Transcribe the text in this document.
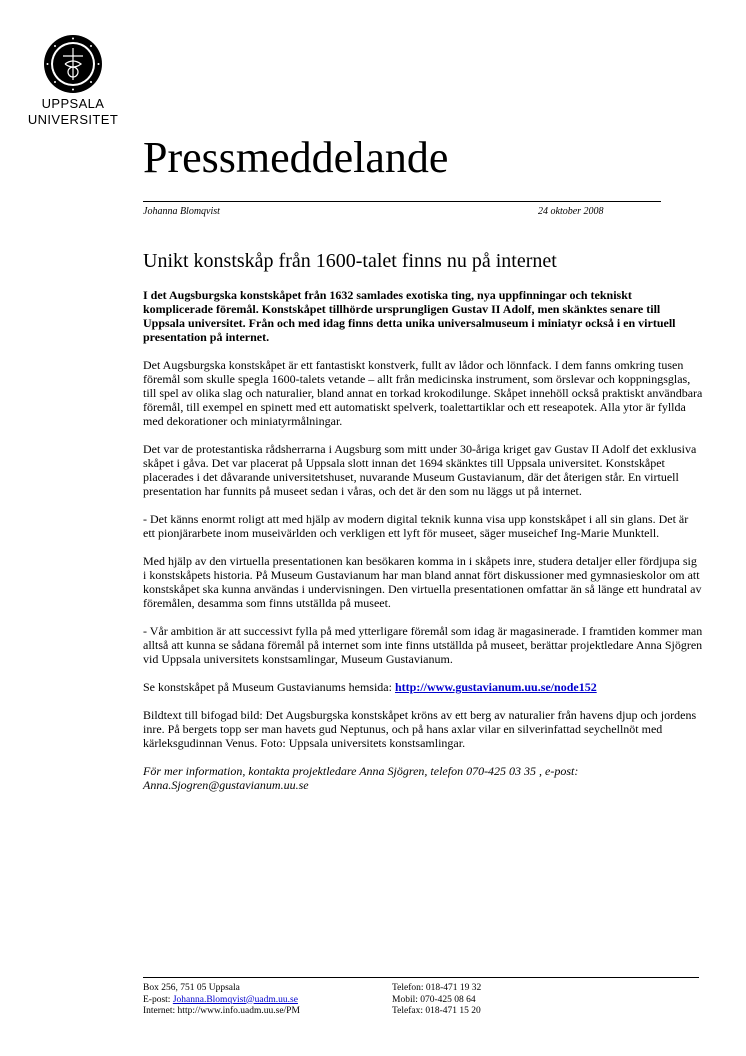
UPPSALA
UNIVERSITET
Pressmeddelande
Johanna Blomqvist	24 oktober 2008
Unikt konstskåp från 1600-talet finns nu på internet

I det Augsburgska konstskåpet från 1632 samlades exotiska ting, nya uppfinningar och tekniskt komplicerade föremål. Konstskåpet tillhörde ursprungligen Gustav II Adolf, men skänktes senare till Uppsala universitet. Från och med idag finns detta unika universalmuseum i miniatyr också i en virtuell presentation på internet.

Det Augsburgska konstskåpet är ett fantastiskt konstverk, fullt av lådor och lönnfack. I dem fanns omkring tusen föremål som skulle spegla 1600-talets vetande – allt från medicinska instrument, som örslevar och koppningsglas, till spel av olika slag och naturalier, bland annat en torkad krokodilunge. Skåpet innehöll också praktiskt användbara föremål, till exempel en spinett med ett automatiskt spelverk, toalettartiklar och ett reseapotek. Alla ytor är fyllda med dekorationer och miniatyrmålningar.

Det var de protestantiska rådsherrarna i Augsburg som mitt under 30-åriga kriget gav Gustav II Adolf det exklusiva skåpet i gåva. Det var placerat på Uppsala slott innan det 1694 skänktes till Uppsala universitet. Konstskåpet placerades i det dåvarande universitetshuset, nuvarande Museum Gustavianum, där det återigen står. En virtuell presentation har funnits på museet sedan i våras, och det är den som nu läggs ut på internet.

- Det känns enormt roligt att med hjälp av modern digital teknik kunna visa upp konstskåpet i all sin glans. Det är ett pionjärarbete inom museivärlden och verkligen ett lyft för museet, säger museichef Ing-Marie Munktell.

Med hjälp av den virtuella presentationen kan besökaren komma in i skåpets inre, studera detaljer eller fördjupa sig i konstskåpets historia. På Museum Gustavianum har man bland annat fört diskussioner med gymnasieskolor om att konstskåpet ska kunna användas i undervisningen. Den virtuella presentationen omfattar än så länge ett hundratal av föremålen, desamma som finns utställda på museet.

- Vår ambition är att successivt fylla på med ytterligare föremål som idag är magasinerade. I framtiden kommer man alltså att kunna se sådana föremål på internet som inte finns utställda på museet, berättar projektledare Anna Sjögren vid Uppsala universitets konstsamlingar, Museum Gustavianum.

Se konstskåpet på Museum Gustavianums hemsida: http://www.gustavianum.uu.se/node152

Bildtext till bifogad bild: Det Augsburgska konstskåpet kröns av ett berg av naturalier från havens djup och jordens inre. På bergets topp ser man havets gud Neptunus, och på hans axlar vilar en silverinfattad seychellnöt med kärleksgudinnan Venus. Foto: Uppsala universitets konstsamlingar.

För mer information, kontakta projektledare Anna Sjögren, telefon 070-425 03 35 , e-post: Anna.Sjogren@gustavianum.uu.se

Box 256, 751 05 Uppsala
E-post: Johanna.Blomqvist@uadm.uu.se
Internet: http://www.info.uadm.uu.se/PM
Telefon: 018-471 19 32
Mobil: 070-425 08 64
Telefax: 018-471 15 20
